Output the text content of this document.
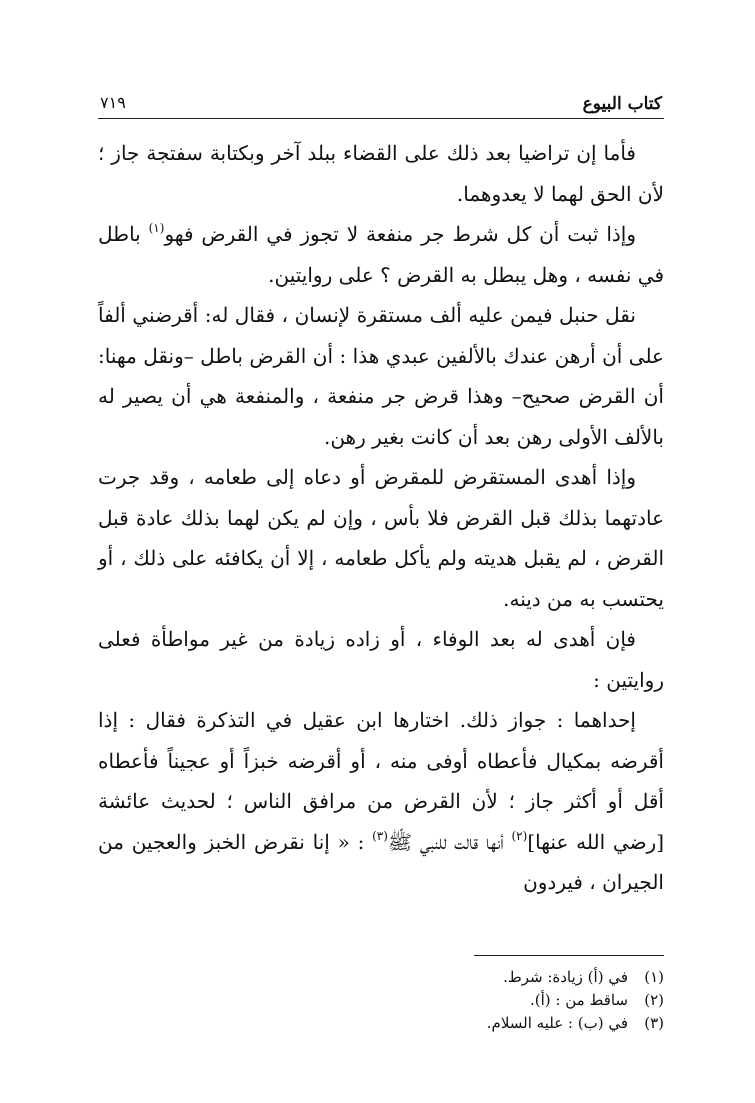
كتاب البيوع
٧١٩

فأما إن تراضيا بعد ذلك على القضاء ببلد آخر وبكتابة سفتجة جاز ؛ لأن الحق لهما لا يعدوهما.

وإذا ثبت أن كل شرط جر منفعة لا تجوز في القرض فهو$^{(١)}$ باطل في نفسه ، وهل يبطل به القرض ؟ على روايتين.

نقل حنبل فيمن عليه ألف مستقرة لإنسان ، فقال له: أقرضني ألفاً على أن أرهن عندك بالألفين عبدي هذا : أن القرض باطل –ونقل مهنا: أن القرض صحيح– وهذا قرض جر منفعة ، والمنفعة هي أن يصير له بالألف الأولى رهن بعد أن كانت بغير رهن.

وإذا أهدى المستقرض للمقرض أو دعاه إلى طعامه ، وقد جرت عادتهما بذلك قبل القرض فلا بأس ، وإن لم يكن لهما بذلك عادة قبل القرض ، لم يقبل هديته ولم يأكل طعامه ، إلا أن يكافئه على ذلك ، أو يحتسب به من دينه.

فإن أهدى له بعد الوفاء ، أو زاده زيادة من غير مواطأة فعلى روايتين :

إحداهما : جواز ذلك. اختارها ابن عقيل في التذكرة فقال : إذا أقرضه بمكيال فأعطاه أوفى منه ، أو أقرضه خبزاً أو عجيناً فأعطاه أقل أو أكثر جاز ؛ لأن القرض من مرافق الناس ؛ لحديث عائشة [رضي الله عنها]$^{(٢)}$ أنها قالت للنبي ﷺ$^{(٣)}$ : « إنا نقرض الخبز والعجين من الجيران ، فيردون

(١)
في (أ) زيادة: شرط.
(٢)
ساقط من : (أ).
(٣)
في (ب) : عليه السلام.
